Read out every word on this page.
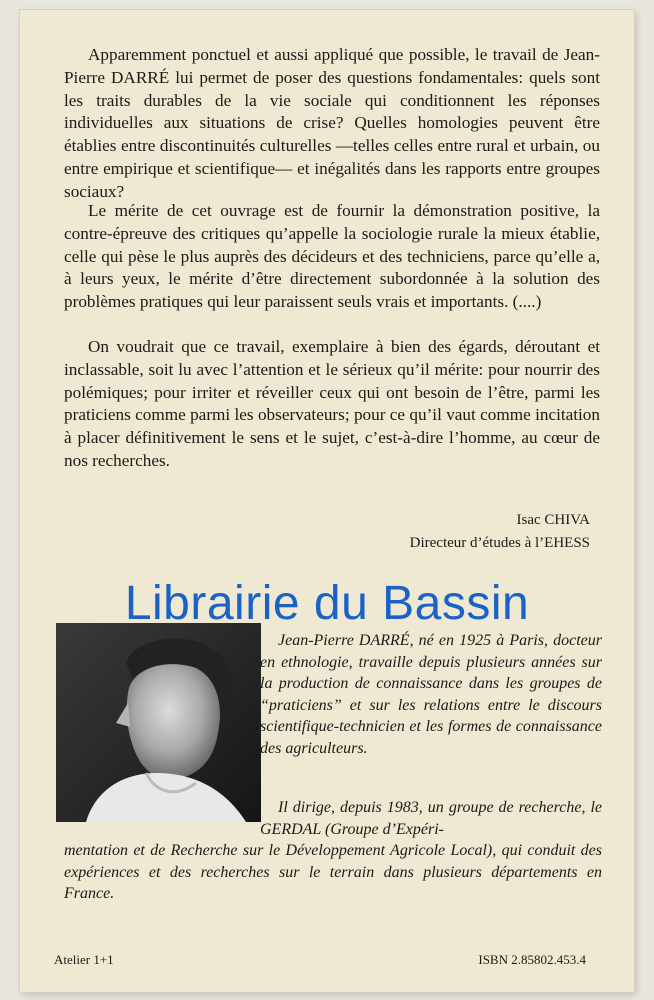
Apparemment ponctuel et aussi appliqué que possible, le travail de Jean-Pierre DARRÉ lui permet de poser des questions fondamentales: quels sont les traits durables de la vie sociale qui conditionnent les réponses individuelles aux situations de crise? Quelles homologies peuvent être établies entre discontinuités culturelles —telles celles entre rural et urbain, ou entre empirique et scientifique— et inégalités dans les rapports entre groupes sociaux?

Le mérite de cet ouvrage est de fournir la démonstration positive, la contre-épreuve des critiques qu’appelle la sociologie rurale la mieux établie, celle qui pèse le plus auprès des décideurs et des techniciens, parce qu’elle a, à leurs yeux, le mérite d’être directement subordonnée à la solution des problèmes pratiques qui leur paraissent seuls vrais et importants. (....)

On voudrait que ce travail, exemplaire à bien des égards, déroutant et inclassable, soit lu avec l’attention et le sérieux qu’il mérite: pour nourrir des polémiques; pour irriter et réveiller ceux qui ont besoin de l’être, parmi les praticiens comme parmi les observateurs; pour ce qu’il vaut comme incitation à placer définitivement le sens et le sujet, c’est-à-dire l’homme, au cœur de nos recherches.

Isac CHIVA
Directeur d’études à l’EHESS

Jean-Pierre DARRÉ, né en 1925 à Paris, docteur en ethnologie, travaille depuis plusieurs années sur la production de connaissance dans les groupes de “praticiens” et sur les relations entre le discours scientifique-technicien et les formes de connaissance des agriculteurs.

Il dirige, depuis 1983, un groupe de recherche, le GERDAL (Groupe d’Expéri-

mentation et de Recherche sur le Développement Agricole Local), qui conduit des expériences et des recherches sur le terrain dans plusieurs départements en France.

Atelier 1+1	ISBN 2.85802.453.4
Librairie du Bassin
